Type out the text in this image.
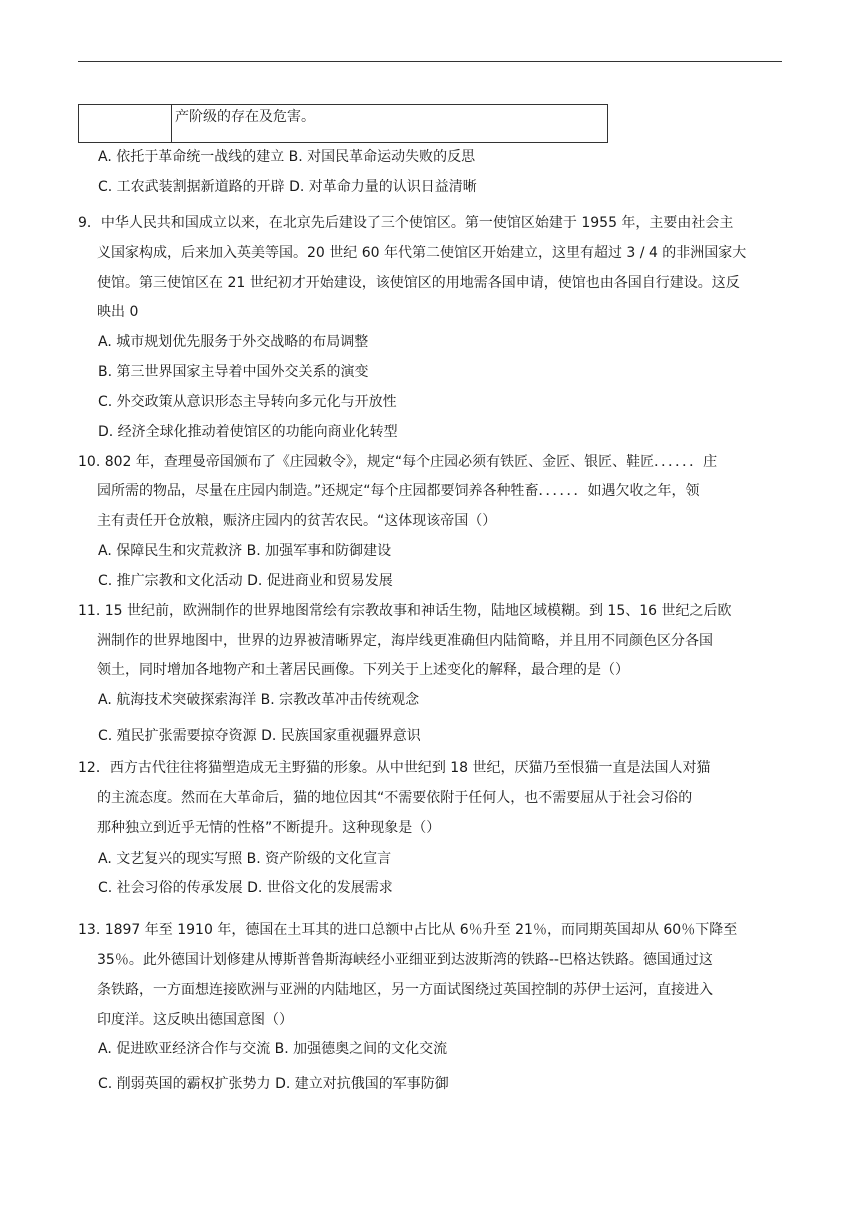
产阶级的存在及危害。
A. 依托于革命统一战线的建立 B. 对国民革命运动失败的反思
C. 工农武装割据新道路的开辟 D. 对革命力量的认识日益清晰
9．中华人民共和国成立以来，在北京先后建设了三个使馆区。第一使馆区始建于 1955 年，主要由社会主
义国家构成，后来加入英美等国。20 世纪 60 年代第二使馆区开始建立，这里有超过 3 / 4 的非洲国家大
使馆。第三使馆区在 21 世纪初才开始建设，该使馆区的用地需各国申请，使馆也由各国自行建设。这反
映出 0
A. 城市规划优先服务于外交战略的布局调整
B. 第三世界国家主导着中国外交关系的演变
C. 外交政策从意识形态主导转向多元化与开放性
D. 经济全球化推动着使馆区的功能向商业化转型
10. 802 年，查理曼帝国颁布了《庄园敕令》，规定“每个庄园必须有铁匠、金匠、银匠、鞋匠．．．．．．庄
园所需的物品，尽量在庄园内制造。”还规定“每个庄园都要饲养各种牲畜．．．．．．如遇欠收之年，领
主有责任开仓放粮，赈济庄园内的贫苦农民。“这体现该帝国（）
A. 保障民生和灾荒救济 B. 加强军事和防御建设
C. 推广宗教和文化活动 D. 促进商业和贸易发展
11. 15 世纪前，欧洲制作的世界地图常绘有宗教故事和神话生物，陆地区域模糊。到 15、16 世纪之后欧
洲制作的世界地图中，世界的边界被清晰界定，海岸线更准确但内陆简略，并且用不同颜色区分各国
领土，同时增加各地物产和土著居民画像。下列关于上述变化的解释，最合理的是（）
A. 航海技术突破探索海洋 B. 宗教改革冲击传统观念
C. 殖民扩张需要掠夺资源 D. 民族国家重视疆界意识
12．西方古代往往将猫塑造成无主野猫的形象。从中世纪到 18 世纪，厌猫乃至恨猫一直是法国人对猫
的主流态度。然而在大革命后，猫的地位因其“不需要依附于任何人，也不需要屈从于社会习俗的
那种独立到近乎无情的性格”不断提升。这种现象是（）
A. 文艺复兴的现实写照 B. 资产阶级的文化宣言
C. 社会习俗的传承发展 D. 世俗文化的发展需求
13. 1897 年至 1910 年，德国在土耳其的进口总额中占比从 6％升至 21％，而同期英国却从 60％下降至
35％。此外德国计划修建从博斯普鲁斯海峡经小亚细亚到达波斯湾的铁路--巴格达铁路。德国通过这
条铁路，一方面想连接欧洲与亚洲的内陆地区，另一方面试图绕过英国控制的苏伊士运河，直接进入
印度洋。这反映出德国意图（）
A. 促进欧亚经济合作与交流 B. 加强德奥之间的文化交流
C. 削弱英国的霸权扩张势力 D. 建立对抗俄国的军事防御
